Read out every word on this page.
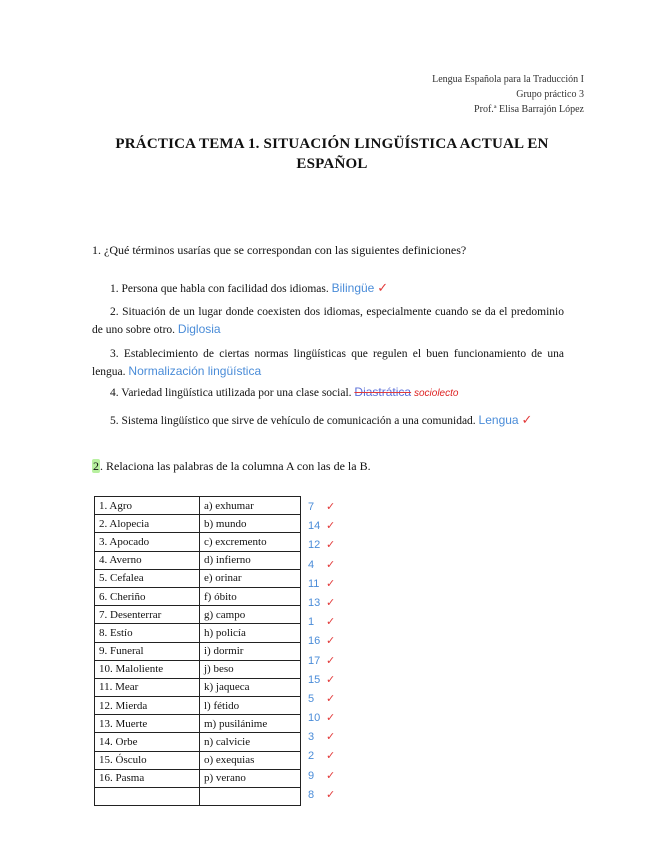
Lengua Española para la Traducción I
Grupo práctico 3
Prof.ª Elisa Barrajón López
PRÁCTICA TEMA 1. SITUACIÓN LINGÜÍSTICA ACTUAL EN ESPAÑOL
1. ¿Qué términos usarías que se correspondan con las siguientes definiciones?
1. Persona que habla con facilidad dos idiomas. Bilingüe ✓
2. Situación de un lugar donde coexisten dos idiomas, especialmente cuando se da el predominio de uno sobre otro. Diglosia
3. Establecimiento de ciertas normas lingüísticas que regulen el buen funcionamiento de una lengua. Normalización lingüística
4. Variedad lingüística utilizada por una clase social. Diastrática sociolecto
5. Sistema lingüístico que sirve de vehículo de comunicación a una comunidad. Lengua ✓
2. Relaciona las palabras de la columna A con las de la B.
1. Agro	a) exhumar
2. Alopecia	b) mundo
3. Apocado	c) excremento
4. Averno	d) infierno
5. Cefalea	e) orinar
6. Cheriño	f) óbito
7. Desenterrar	g) campo
8. Estío	h) policía
9. Funeral	i) dormir
10. Maloliente	j) beso
11. Mear	k) jaqueca
12. Mierda	l) fétido
13. Muerte	m) pusilánime
14. Orbe	n) calvicie
15. Ósculo	o) exequias
16. Pasma	p) verano

7 ✓
14 ✓
12 ✓
4 ✓
11 ✓
13 ✓
1 ✓
16 ✓
17 ✓
15 ✓
5 ✓
10 ✓
3 ✓
2 ✓
9 ✓
8 ✓
